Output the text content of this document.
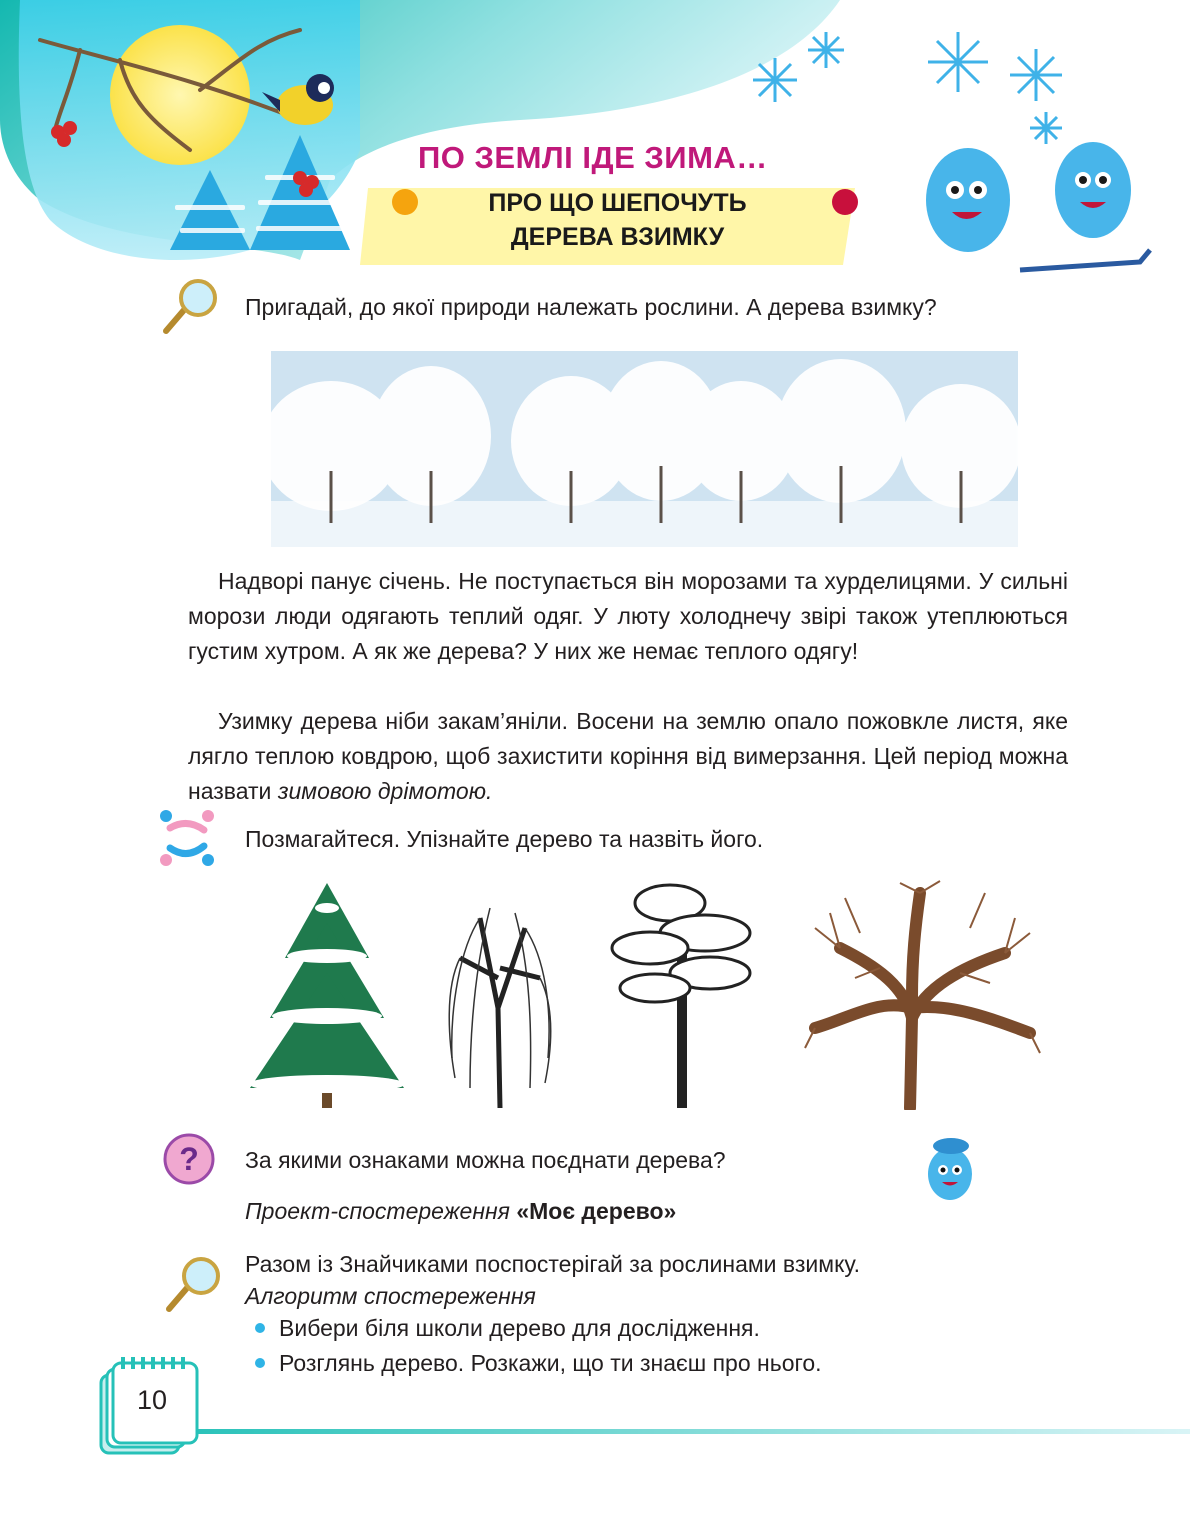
ПО ЗЕМЛІ ІДЕ ЗИМА…
ПРО ЩО ШЕПОЧУТЬ
ДЕРЕВА ВЗИМКУ
Пригадай, до якої природи належать рослини. А дерева взимку?
Надворі панує січень. Не поступається він морозами та хурделицями. У сильні морози люди одягають теплий одяг. У люту холоднечу звірі також утеплюються густим хутром. А як же дерева? У них же немає теплого одягу!
Узимку дерева ніби закам’яніли. Восени на землю опало пожовкле листя, яке лягло теплою ковдрою, щоб захистити коріння від вимерзання. Цей період можна назвати зимовою дрімотою.
Позмагайтеся. Упізнайте дерево та назвіть його.
? За якими ознаками можна поєднати дерева?
Проект-спостереження «Моє дерево»
Разом із Знайчиками поспостерігай за рослинами взимку.
Алгоритм спостереження
Вибери біля школи дерево для дослідження.
Розглянь дерево. Розкажи, що ти знаєш про нього.
10
